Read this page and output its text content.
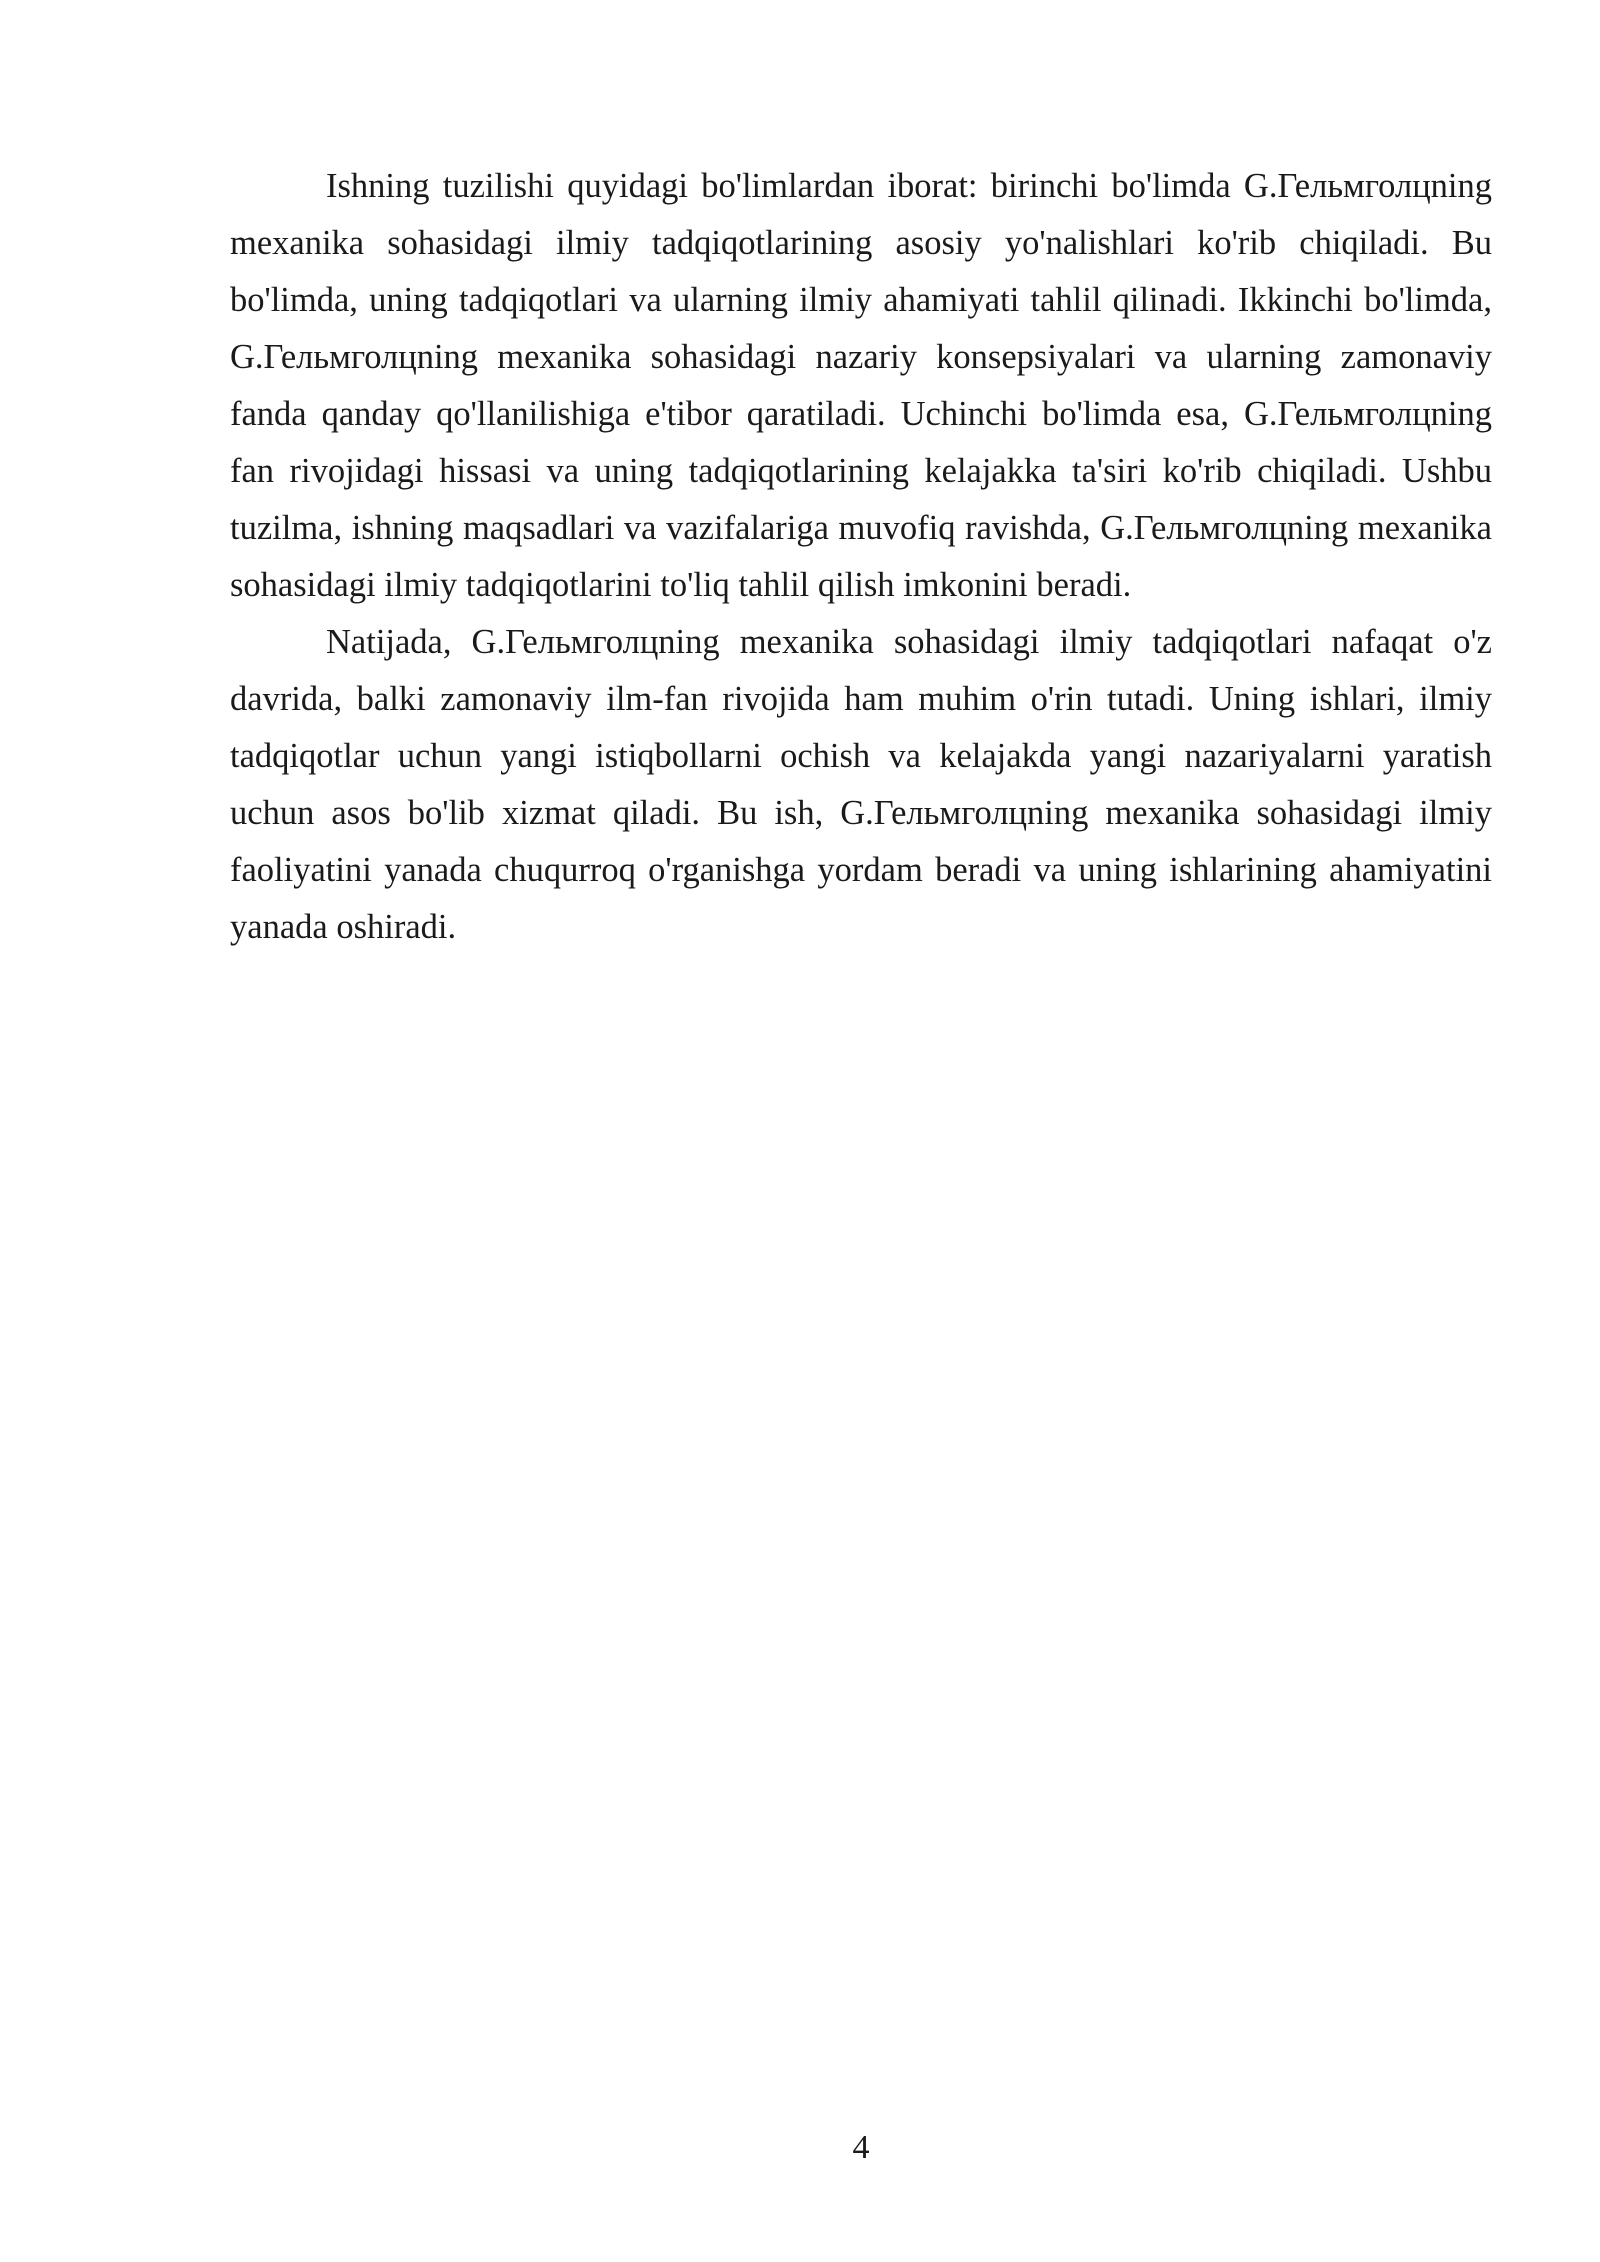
Ishning tuzilishi quyidagi bo'limlardan iborat: birinchi bo'limda G.Гельмголцning mexanika sohasidagi ilmiy tadqiqotlarining asosiy yo'nalishlari ko'rib chiqiladi. Bu bo'limda, uning tadqiqotlari va ularning ilmiy ahamiyati tahlil qilinadi. Ikkinchi bo'limda, G.Гельмголцning mexanika sohasidagi nazariy konsepsiyalari va ularning zamonaviy fanda qanday qo'llanilishiga e'tibor qaratiladi. Uchinchi bo'limda esa, G.Гельмголцning fan rivojidagi hissasi va uning tadqiqotlarining kelajakka ta'siri ko'rib chiqiladi. Ushbu tuzilma, ishning maqsadlari va vazifalariga muvofiq ravishda, G.Гельмголцning mexanika sohasidagi ilmiy tadqiqotlarini to'liq tahlil qilish imkonini beradi.

Natijada, G.Гельмголцning mexanika sohasidagi ilmiy tadqiqotlari nafaqat o'z davrida, balki zamonaviy ilm-fan rivojida ham muhim o'rin tutadi. Uning ishlari, ilmiy tadqiqotlar uchun yangi istiqbollarni ochish va kelajakda yangi nazariyalarni yaratish uchun asos bo'lib xizmat qiladi. Bu ish, G.Гельмголцning mexanika sohasidagi ilmiy faoliyatini yanada chuqurroq o'rganishga yordam beradi va uning ishlarining ahamiyatini yanada oshiradi.

4
